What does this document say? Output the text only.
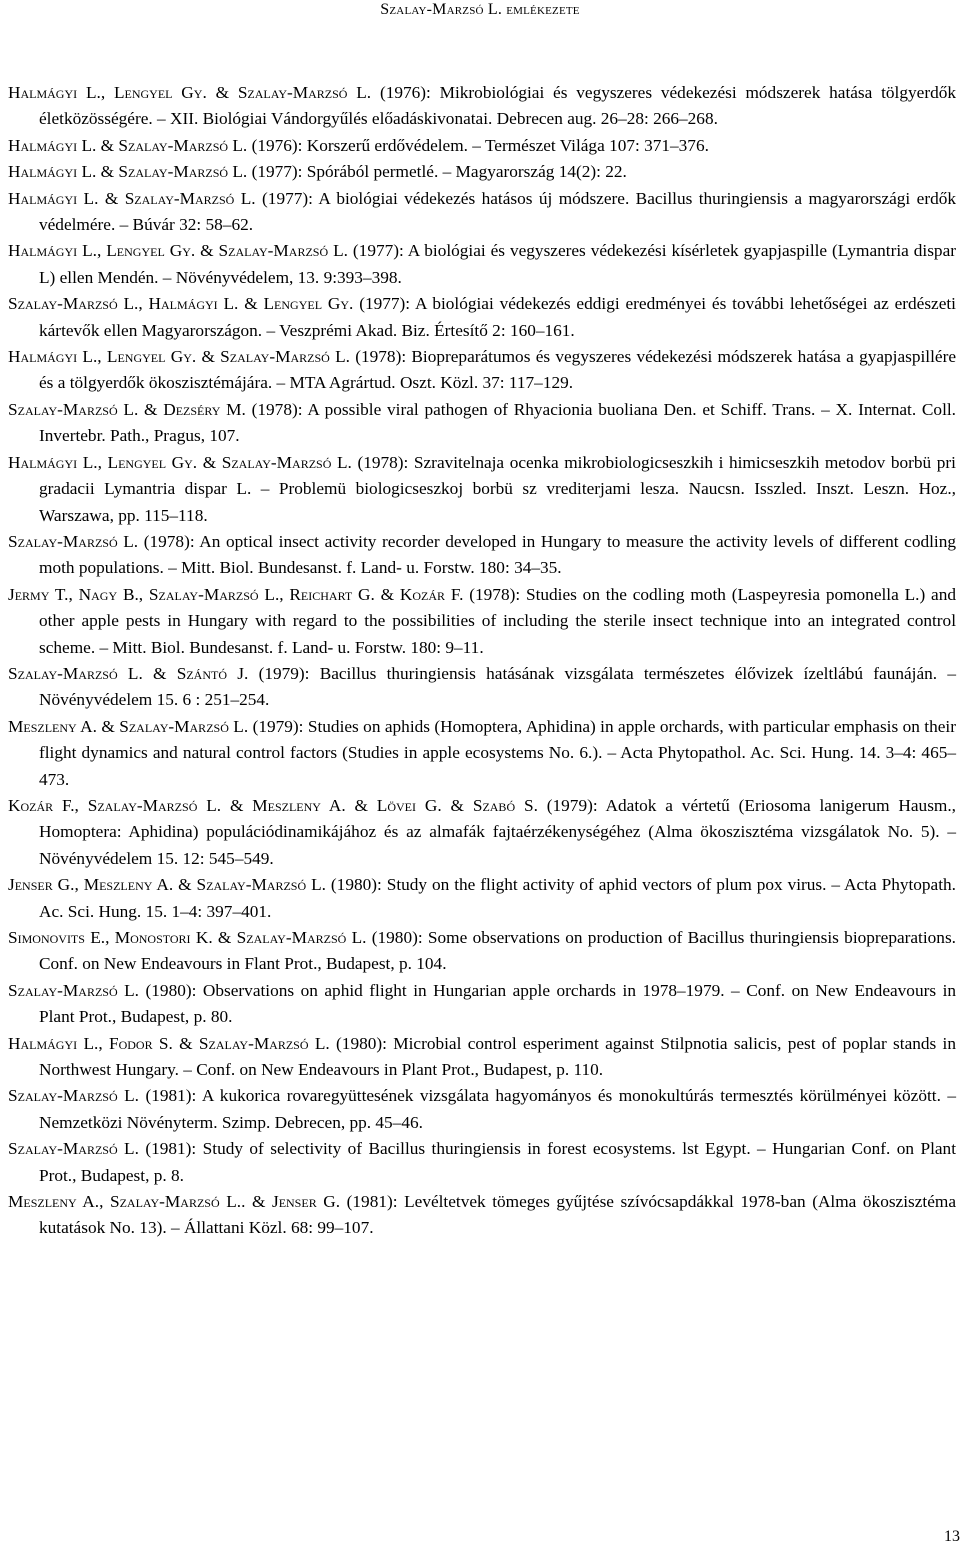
Szalay-Marzsó L. emlékezete

Halmágyi L., Lengyel Gy. & Szalay-Marzsó L. (1976): Mikrobiológiai és vegyszeres védekezési módszerek hatása tölgyerdők életközösségére. – XII. Biológiai Vándorgyűlés előadáskivonatai. Debrecen aug. 26–28: 266–268.

Halmágyi L. & Szalay-Marzsó L. (1976): Korszerű erdővédelem. – Természet Világa 107: 371–376.

Halmágyi L. & Szalay-Marzsó L. (1977): Spórából permetlé. – Magyarország 14(2): 22.

Halmágyi L. & Szalay-Marzsó L. (1977): A biológiai védekezés hatásos új módszere. Bacillus thuringiensis a magyarországi erdők védelmére. – Búvár 32: 58–62.

Halmágyi L., Lengyel Gy. & Szalay-Marzsó L. (1977): A biológiai és vegyszeres védekezési kísérletek gyapjaspille (Lymantria dispar L) ellen Mendén. – Növényvédelem, 13. 9:393–398.

Szalay-Marzsó L., Halmágyi L. & Lengyel Gy. (1977): A biológiai védekezés eddigi eredményei és további lehetőségei az erdészeti kártevők ellen Magyarországon. – Veszprémi Akad. Biz. Értesítő 2: 160–161.

Halmágyi L., Lengyel Gy. & Szalay-Marzsó L. (1978): Biopreparátumos és vegyszeres védekezési módszerek hatása a gyapjaspillére és a tölgyerdők ökoszisztémájára. – MTA Agrártud. Oszt. Közl. 37: 117–129.

Szalay-Marzsó L. & Dezséry M. (1978): A possible viral pathogen of Rhyacionia buoliana Den. et Schiff. Trans. – X. Internat. Coll. Invertebr. Path., Pragus, 107.

Halmágyi L., Lengyel Gy. & Szalay-Marzsó L. (1978): Szravitelnaja ocenka mikrobiologicseszkih i himicseszkih metodov borbü pri gradacii Lymantria dispar L. – Problemü biologicseszkoj borbü sz vrediterjami lesza. Naucsn. Isszled. Inszt. Leszn. Hoz., Warszawa, pp. 115–118.

Szalay-Marzsó L. (1978): An optical insect activity recorder developed in Hungary to measure the activity levels of different codling moth populations. – Mitt. Biol. Bundesanst. f. Land- u. Forstw. 180: 34–35.

Jermy T., Nagy B., Szalay-Marzsó L., Reichart G. & Kozár F. (1978): Studies on the codling moth (Laspeyresia pomonella L.) and other apple pests in Hungary with regard to the possibilities of including the sterile insect technique into an integrated control scheme. – Mitt. Biol. Bundesanst. f. Land- u. Forstw. 180: 9–11.

Szalay-Marzsó L. & Szántó J. (1979): Bacillus thuringiensis hatásának vizsgálata természetes élővizek ízeltlábú faunáján. – Növényvédelem 15. 6 : 251–254.

Meszleny A. & Szalay-Marzsó L. (1979): Studies on aphids (Homoptera, Aphidina) in apple orchards, with particular emphasis on their flight dynamics and natural control factors (Studies in apple ecosystems No. 6.). – Acta Phytopathol. Ac. Sci. Hung. 14. 3–4: 465–473.

Kozár F., Szalay-Marzsó L. & Meszleny A. & Lövei G. & Szabó S. (1979): Adatok a vértetű (Eriosoma lanigerum Hausm., Homoptera: Aphidina) populációdinamikájához és az almafák fajtaérzékenységéhez (Alma ökoszisztéma vizsgálatok No. 5). – Növényvédelem 15. 12: 545–549.

Jenser G., Meszleny A. & Szalay-Marzsó L. (1980): Study on the flight activity of aphid vectors of plum pox virus. – Acta Phytopath. Ac. Sci. Hung. 15. 1–4: 397–401.

Simonovits E., Monostori K. & Szalay-Marzsó L. (1980): Some observations on production of Bacillus thuringiensis biopreparations. Conf. on New Endeavours in Flant Prot., Budapest, p. 104.

Szalay-Marzsó L. (1980): Observations on aphid flight in Hungarian apple orchards in 1978–1979. – Conf. on New Endeavours in Plant Prot., Budapest, p. 80.

Halmágyi L., Fodor S. & Szalay-Marzsó L. (1980): Microbial control esperiment against Stilpnotia salicis, pest of poplar stands in Northwest Hungary. – Conf. on New Endeavours in Plant Prot., Budapest, p. 110.

Szalay-Marzsó L. (1981): A kukorica rovaregyüttesének vizsgálata hagyományos és monokultúrás termesztés körülményei között. – Nemzetközi Növényterm. Szimp. Debrecen, pp. 45–46.

Szalay-Marzsó L. (1981): Study of selectivity of Bacillus thuringiensis in forest ecosystems. lst Egypt. – Hungarian Conf. on Plant Prot., Budapest, p. 8.

Meszleny A., Szalay-Marzsó L.. & Jenser G. (1981): Levéltetvek tömeges gyűjtése szívócsapdákkal 1978-ban (Alma ökoszisztéma kutatások No. 13). – Állattani Közl. 68: 99–107.

13
